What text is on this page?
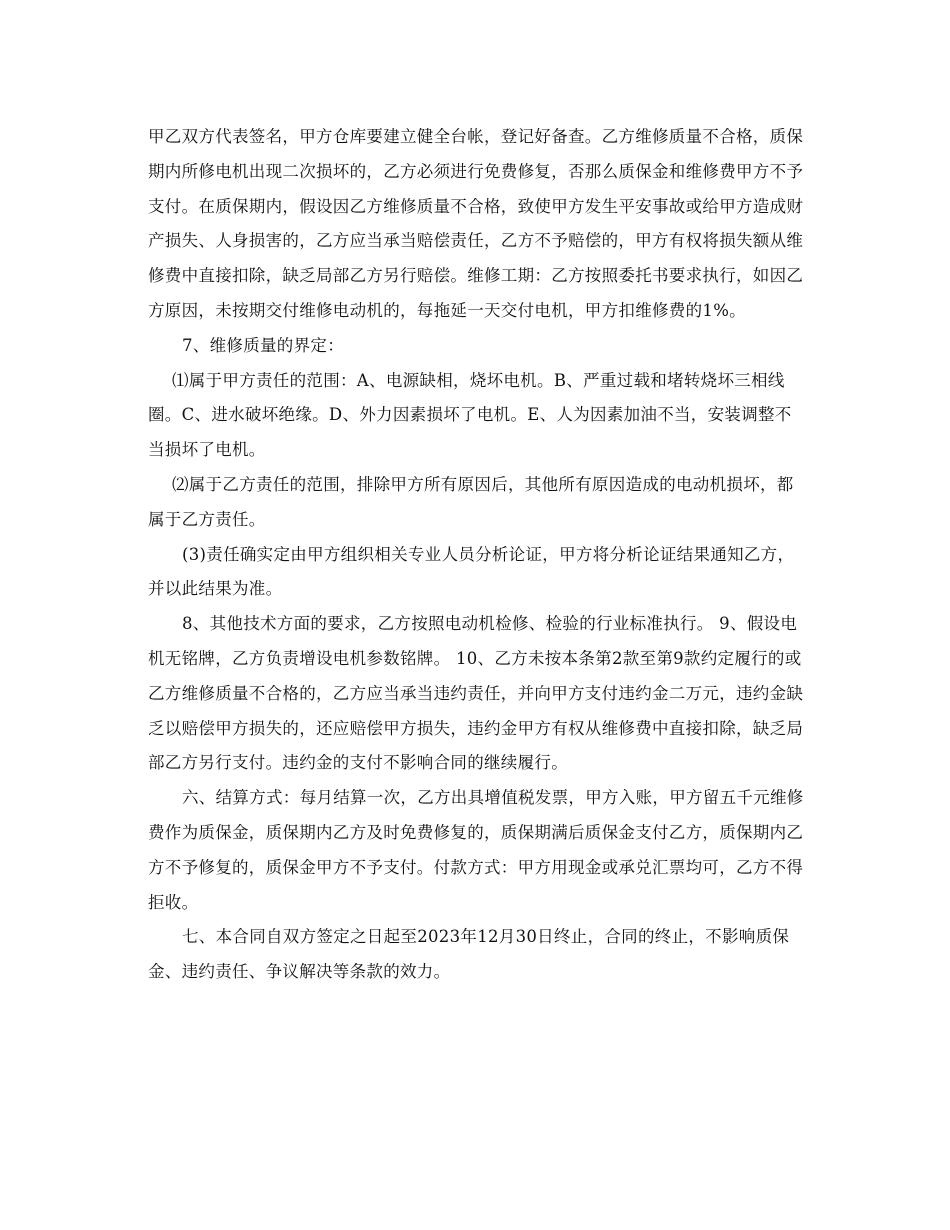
甲乙双方代表签名，甲方仓库要建立健全台帐，登记好备查。乙方维修质量不合格，质保期内所修电机出现二次损坏的，乙方必须进行免费修复，否那么质保金和维修费甲方不予支付。在质保期内，假设因乙方维修质量不合格，致使甲方发生平安事故或给甲方造成财产损失、人身损害的，乙方应当承当赔偿责任，乙方不予赔偿的，甲方有权将损失额从维修费中直接扣除，缺乏局部乙方另行赔偿。维修工期：乙方按照委托书要求执行，如因乙方原因，未按期交付维修电动机的，每拖延一天交付电机，甲方扣维修费的1%。

7、维修质量的界定：

⑴属于甲方责任的范围：A、电源缺相，烧坏电机。B、严重过载和堵转烧坏三相线圈。C、进水破坏绝缘。D、外力因素损坏了电机。E、人为因素加油不当，安装调整不当损坏了电机。

⑵属于乙方责任的范围，排除甲方所有原因后，其他所有原因造成的电动机损坏，都属于乙方责任。

(3)责任确实定由甲方组织相关专业人员分析论证，甲方将分析论证结果通知乙方，并以此结果为准。

8、其他技术方面的要求，乙方按照电动机检修、检验的行业标准执行。 9、假设电机无铭牌，乙方负责增设电机参数铭牌。 10、乙方未按本条第2款至第9款约定履行的或乙方维修质量不合格的，乙方应当承当违约责任，并向甲方支付违约金二万元，违约金缺乏以赔偿甲方损失的，还应赔偿甲方损失，违约金甲方有权从维修费中直接扣除，缺乏局部乙方另行支付。违约金的支付不影响合同的继续履行。

六、结算方式：每月结算一次，乙方出具增值税发票，甲方入账，甲方留五千元维修费作为质保金，质保期内乙方及时免费修复的，质保期满后质保金支付乙方，质保期内乙方不予修复的，质保金甲方不予支付。付款方式：甲方用现金或承兑汇票均可，乙方不得拒收。

七、本合同自双方签定之日起至2023年12月30日终止，合同的终止，不影响质保金、违约责任、争议解决等条款的效力。
